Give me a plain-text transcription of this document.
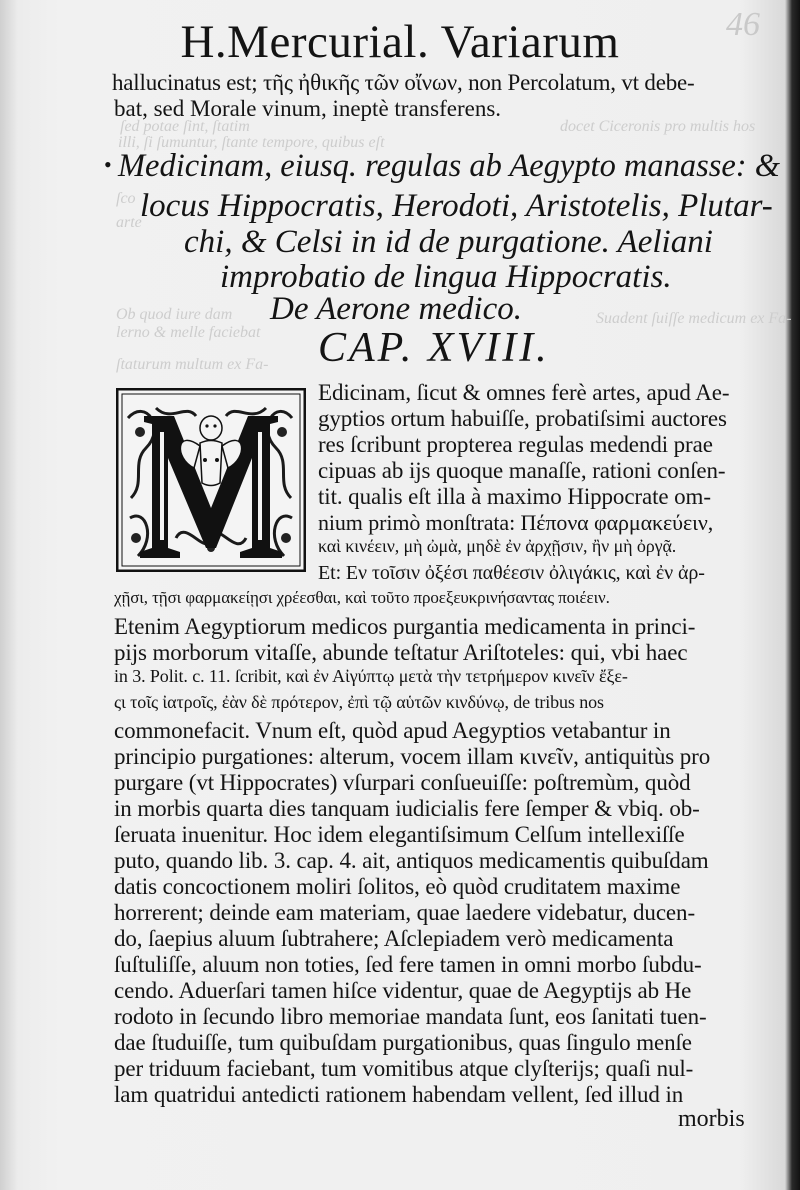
46
ſed potae ſint, ſtatim
illi, ſi ſumuntur, ſtante tempore, quibus eſt
docet Ciceronis pro multis hos
ſco
arte
Ob quod iure dam
lerno & melle faciebat
Suadent ſuiſſe medicum ex Fa-
ſtaturum multum ex Fa-
H.Mercurial. Variarum
hallucinatus est; τῆς ἠθικῆς τῶν οἴνων, non Percolatum, vt debe-
bat, sed Morale vinum, ineptè transferens.
• Medicinam, eiusq. regulas ab Aegypto manasse: &
locus Hippocratis, Herodoti, Aristotelis, Plutar-
chi, & Celsi in id de purgatione. Aeliani
improbatio de lingua Hippocratis.
De Aerone medico.
CAP. XVIII.
Edicinam, ſicut & omnes ferè artes, apud Ae-
gyptios ortum habuiſſe, probatiſsimi auctores
res ſcribunt propterea regulas medendi prae
cipuas ab ijs quoque manaſſe, rationi conſen-
tit. qualis eſt illa à maximo Hippocrate om-
nium primò monſtrata: Πέπονα φαρμακεύειν,
καὶ κινέειν, μὴ ὠμὰ, μηδὲ ἐν ἀρχῇσιν, ἢν μὴ ὀργᾷ.
Et: Εν τοῖσιν ὀξέσι παθέεσιν ὀλιγάκις, καὶ ἐν ἀρ-
χῇσι, τῇσι φαρμακείῃσι χρέεσθαι, καὶ τοῦτο προεξευκρινήσαντας ποιέειν.
Etenim Aegyptiorum medicos purgantia medicamenta in princi-
pijs morborum vitaſſe, abunde teſtatur Ariſtoteles: qui, vbi haec
in 3. Polit. c. 11. ſcribit, καὶ ἐν Αἰγύπτῳ μετὰ τὴν τετρήμερον κινεῖν ἔξε-
ςι τοῖς ἰατροῖς, ἐὰν δὲ πρότερον, ἐπὶ τῷ αὑτῶν κινδύνῳ, de tribus nos
commonefacit. Vnum eſt, quòd apud Aegyptios vetabantur in
principio purgationes: alterum, vocem illam κινεῖν, antiquitùs pro
purgare (vt Hippocrates) vſurpari conſueuiſſe: poſtremùm, quòd
in morbis quarta dies tanquam iudicialis fere ſemper & vbiq. ob-
ſeruata inuenitur. Hoc idem elegantiſsimum Celſum intellexiſſe
puto, quando lib. 3. cap. 4. ait, antiquos medicamentis quibuſdam
datis concoctionem moliri ſolitos, eò quòd cruditatem maxime
horrerent; deinde eam materiam, quae laedere videbatur, ducen-
do, ſaepius aluum ſubtrahere; Aſclepiadem verò medicamenta
ſuſtuliſſe, aluum non toties, ſed fere tamen in omni morbo ſubdu-
cendo. Aduerſari tamen hiſce videntur, quae de Aegyptijs ab He
rodoto in ſecundo libro memoriae mandata ſunt, eos ſanitati tuen-
dae ſtuduiſſe, tum quibuſdam purgationibus, quas ſingulo menſe
per triduum faciebant, tum vomitibus atque clyſterijs; quaſi nul-
lam quatridui antedicti rationem habendam vellent, ſed illud in
morbis
